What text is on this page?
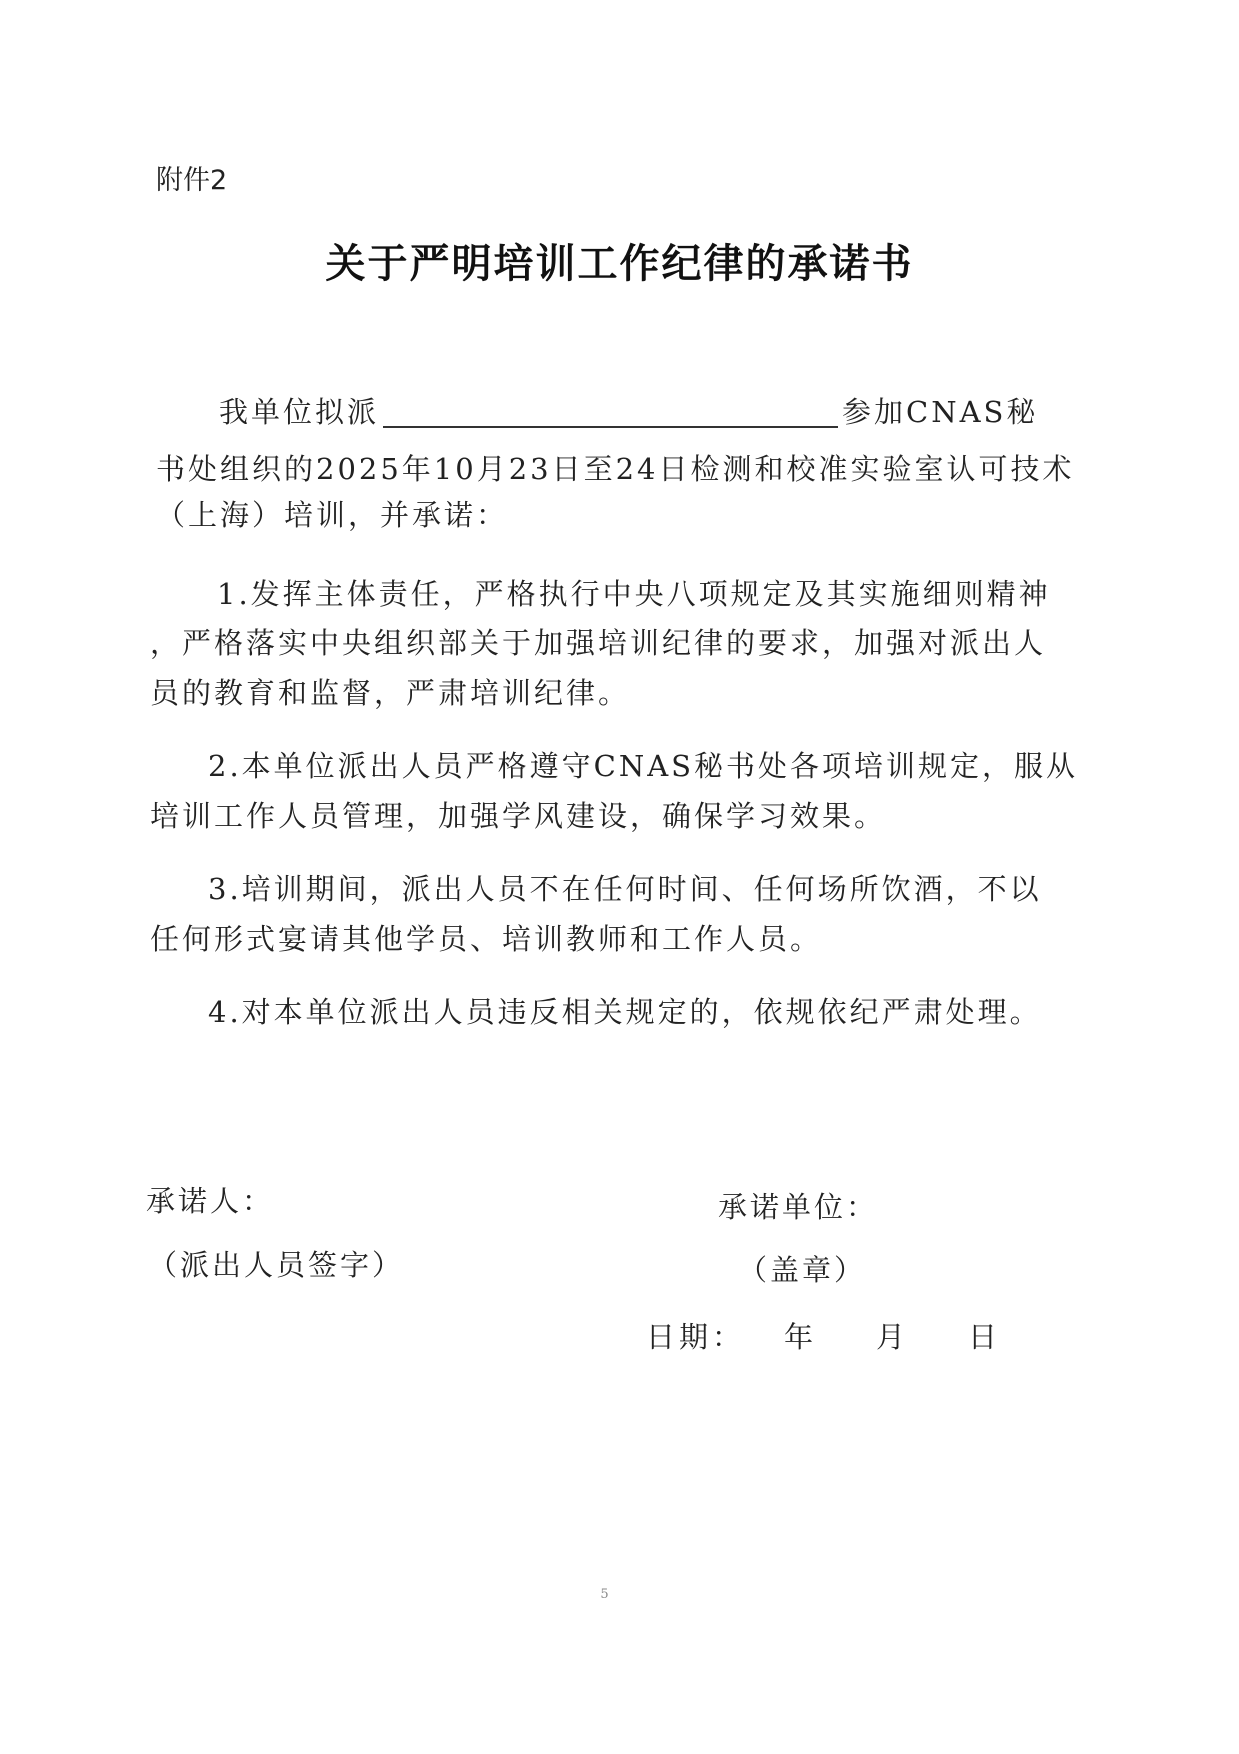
附件2
关于严明培训工作纪律的承诺书
我单位拟派	参加CNAS秘
书处组织的2025年10月23日至24日检测和校准实验室认可技术
（上海）培训，并承诺：
1.发挥主体责任，严格执行中央八项规定及其实施细则精神
，严格落实中央组织部关于加强培训纪律的要求，加强对派出人
员的教育和监督，严肃培训纪律。
2.本单位派出人员严格遵守CNAS秘书处各项培训规定，服从
培训工作人员管理，加强学风建设，确保学习效果。
3.培训期间，派出人员不在任何时间、任何场所饮酒，不以
任何形式宴请其他学员、培训教师和工作人员。
4.对本单位派出人员违反相关规定的，依规依纪严肃处理。
承诺人：
（派出人员签字）
承诺单位：
（盖章）
日期： 年 月 日
5
